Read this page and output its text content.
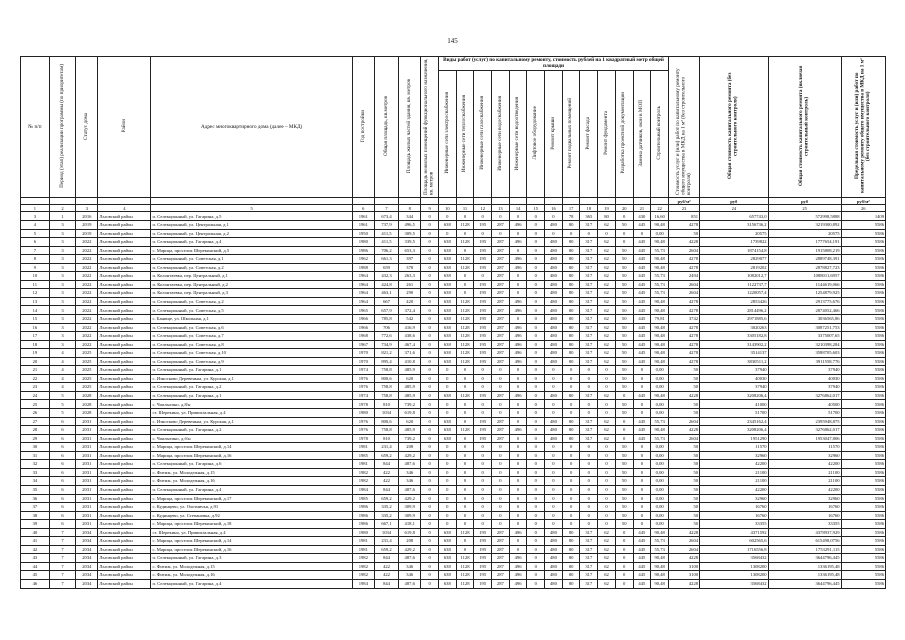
145
№ п/п	Период (этап) реализации программы (по приоритетам)	Статус дома	Район	Адрес многоквартирного дома (далее – МКД)	Год постройки	Общая площадь, кв.метров	Площадь жилых частей здания, кв. метров	Площадь нежилых помещений функционального назначения, кв. метров	Виды работ (услуг) по капитальному ремонту, стоимость рублей на 1 квадратный метр общей площади													Стоимость услуг и (или) работ по капитальному ремонту общего имущества в МКД на 1 м² (без строительного контроля)	Общая стоимость капитального ремонта (без строительного контроля)	Общая стоимость капитального ремонта (включая строительный контроль)	Предельная стоимость услуг и (или) работ по капитальному ремонту общего имущества в МКД на 1 м² (без строительного контроля)
									Инженерные сети электроснабжения	Инженерные сети теплоснабжения	Инженерные сети газоснабжения	Инженерные сети водоснабжения	Инженерные сети водоотведения	Лифтовое оборудование	Ремонт крыши	Ремонт подвальных помещений	Ремонт фасада	Ремонт фундамента	Разработка проектной документации	Замена датчиков, окон в МОП	Строительный контроль				
																						руб/м²	руб	руб	руб/м²
1	2	3	4	5	6	7	8	9	10	11	12	13	14	15	16	17	18	19	20	21	22	23	24	25	26
3	1	2016	Льговский район	п. Селекционный, ул. Гагарина, д.5	1961	673,4	344	0	0	0	0	0	0	0	0	78	365	80	0	430	16,60	851	657743,0	572998,5888	1409
4	3	2019	Льговский район	п. Селекционный, ул. Центральная, д.1	1961	737,9	496,5	0	638	1128	195	287	496	0	480	80	317	62	50	445	90,48	4278	3156736,2	3219300,892	5586
5	3	2019	Льговский район	п. Селекционный, ул. Центральная, д.2	1950	411,5	309,5	0	0	0	0	0	0	0	0	0	0	0	0	0	0,00	50	20575	20575	5586
6	3	2022	Льговский район	п. Селекционный, ул. Гагарина, д.4	1980	411,5	339,5	0	638	1128	195	287	496	0	480	80	317	62	0	445	90,48	4228	1739822	1777654,191	5586
7	3	2022	Льговский район	с. Марица, проселок Шерекинский, д.5	1986	706,2	653,3	0	638	0	195	287	0	0	480	80	317	62	50	445	55,73	2604	1874154,8	1915808,219	5586
8	3	2022	Льговский район	п. Селекционный, ул. Советская, д.1	1962	661,3	397	0	638	1128	195	287	496	0	480	80	317	62	50	445	90,48	4278	2829077	2889748,391	5586
9	3	2022	Льговский район	п. Селекционный, ул. Советская, д.2	1988	659	378	0	638	1128	195	287	496	0	480	80	317	62	50	445	90,48	4278	2819202	2878827,723	5586
10	3	2022	Льговский район	п. Колонтаевка, пер. Центральный, д.1	1964	432,3	263,3	0	638	0	0	287	0	0	480	80	317	62	50	445	55,73	2494	1082012,7	1088011,6957	5586
11	3	2022	Льговский район	п. Колонтаевка, пер. Центральный, д.2	1964	424,8	261	0	638	0	195	287	0	0	480	80	317	62	50	445	55,73	2604	1122737,7	1144619,066	5586
12	3	2022	Льговский район	п. Колонтаевка, пер. Центральный, д.3	1964	463,1	290	0	638	0	195	287	0	0	480	80	317	62	50	445	55,73	2604	1220057,4	1254879,925	5586
13	3	2022	Льговский район	п. Селекционный, ул. Советская, д.2	1964	667	420	0	638	1128	195	287	496	0	480	80	317	62	50	445	90,48	4278	2853426	2913775,676	5586
14	3	2022	Льговский район	п. Селекционный, ул. Советская, д.5	1965	657,9	372,4	0	638	1128	195	287	496	0	480	80	317	62	50	445	90,48	4278	2814496,2	2874052,466	5586
15	3	2022	Льговский район	с. Банище, ул. Школьная, д.1	1966	785,8	542	0	638	1128	195	287	0	0	480	80	317	62	50	445	79,81	3742	2971885,6	3036565,86	5586
16	3	2022	Льговский район	п. Селекционный, ул. Советская, д.6	1966	706	416,9	0	638	1128	195	287	496	0	480	80	317	62	50	445	90,48	4278	3020263	3087251,753	5586
17	3	2022	Льговский район	п. Селекционный, ул. Советская, д.7	1968	772,6	438,6	0	638	1128	195	287	496	0	480	80	317	62	50	445	90,48	4278	3305182,8	3375007,65	5586
18	3	2022	Льговский район	п. Селекционный, ул. Советская, д.8	1967	734,9	467,4	0	638	1128	195	287	496	0	480	80	317	62	50	445	90,48	4278	3143902,2	3210398,284	5586
19	4	2025	Льговский район	п. Селекционный, ул. Советская, д.10	1970	821,2	371,6	0	638	1128	195	287	496	0	480	80	317	62	50	445	90,48	4278	3514137	3588705,603	5586
20	4	2025	Льговский район	п. Селекционный, ул. Советская, д.9	1970	895,4	410,8	0	638	1128	195	287	496	0	480	80	317	62	50	445	90,48	4278	3830511,2	3911558,776	5586
21	4	2025	Льговский район	п. Селекционный, ул. Гагарина, д.1	1974	758,8	485,9	0	0	0	0	0	0	0	0	0	0	0	50	0	0,00	50	37940	37940	5586
22	4	2025	Льговский район	с. Износково Деревенька, ул. Курская, д.1	1976	800,6	620	0	0	0	0	0	0	0	0	0	0	0	50	0	0,00	50	40030	40030	5586
23	4	2025	Льговский район	п. Селекционный, ул. Гагарина, д.2	1976	758,8	485,9	0	0	0	0	0	0	0	0	0	0	0	50	0	0,00	50	37940	37940	5586
24	5	2028	Льговский район	п. Селекционный, ул. Гагарина, д.1	1974	758,8	485,9	0	638	1128	195	287	496	0	480	80	317	62	0	445	90,48	4228	3208206,4	3276862,017	5586
25	5	2028	Льговский район	с. Чаплыгино, д.8/н	1978	810	739,2	0	0	0	0	0	0	0	0	0	0	0	50	0	0,00	50	41000	40500	5586
26	5	2028	Льговский район	ст. Шерекино, ул. Привокзальная, д.4	1980	1034	619,8	0	0	0	0	0	0	0	0	0	0	0	50	0	0,00	50	51700	51700	5586
27	6	2031	Льговский район	с. Износково Деревенька, ул. Курская, д.1	1976	800,6	620	0	638	0	195	287	0	0	480	80	317	62	0	445	55,73	2604	2345162,4	2395948,875	5586
28	6	2031	Льговский район	п. Селекционный, ул. Гагарина, д.2	1976	758,8	485,9	0	638	1128	195	287	496	0	480	80	317	62	0	445	90,48	4228	3208206,4	3276862,017	5586
29	6	2031	Льговский район	с. Чаплыгино, д.б/н	1978	810	739,2	0	638	0	195	287	0	0	480	80	317	62	0	445	55,73	2604	1951290	1953047,806	5586
30	6	2031	Льговский район	с. Марица, проселок Шерекинский, д.14	1981	231,4	208	0	0	0	0	0	0	0	0	0	0	0	50	0	0,00	50	11570	11570	5586
31	6	2031	Льговский район	с. Марица, проселок Шерекинский, д.16	1985	659,2	429,2	0	0	0	0	0	0	0	0	0	0	0	50	0	0,00	50	32960	32960	5586
32	6	2031	Льговский район	п. Селекционный, ул. Гагарина, д.6	1981	844	487,6	0	0	0	0	0	0	0	0	0	0	0	50	0	0,00	50	42200	42200	5586
33	6	2031	Льговский район	с. Фитиж, ул. Молодежная, д.15	1982	422	346	0	0	0	0	0	0	0	0	0	0	0	50	0	0,00	50	21100	21100	5586
34	6	2031	Льговский район	с. Фитиж, ул. Молодежная, д.16	1982	422	346	0	0	0	0	0	0	0	0	0	0	0	50	0	0,00	50	21100	21100	5586
35	6	2031	Льговский район	п. Селекционный, ул. Гагарина, д.4	1984	844	487,6	0	0	0	0	0	0	0	0	0	0	0	50	0	0,00	50	42200	42200	5586
36	6	2031	Льговский район	с. Марица, проселок Шерекинский, д.17	1985	659,2	429,2	0	0	0	0	0	0	0	0	0	0	0	50	0	0,00	50	32960	32960	5586
37	6	2031	Льговский район	с. Кудинцево, ул. Охотничья, д.91	1986	335,2	309,9	0	0	0	0	0	0	0	0	0	0	0	50	0	0,00	50	16760	16760	5586
38	6	2031	Льговский район	с. Кудинцево, ул. Степановка, д.92	1986	335,2	309,9	0	0	0	0	0	0	0	0	0	0	0	50	0	0,00	50	16760	16760	5586
39	6	2031	Льговский район	с. Марица, проселок Шерекинский, д.18	1986	667,1	418,1	0	0	0	0	0	0	0	0	0	0	0	50	0	0,00	50	33355	33355	5586
40	7	2034	Льговский район	ст. Шерекино, ул. Привокзальная, д.4	1980	1034	619,8	0	638	1128	195	287	496	0	480	80	317	62	0	445	90,48	4228	4371592	4378937,929	5586
41	7	2034	Льговский район	с. Марица, проселок Шерекинский, д.14	1981	231,4	208	0	638	0	195	287	0	0	480	80	317	62	0	445	55,73	2604	602565,6	615498,0756	5586
42	7	2034	Льговский район	с. Марица, проселок Шерекинский, д.16	1981	659,2	429,2	0	638	0	195	287	0	0	480	80	317	62	0	445	55,73	2604	1716556,8	1753291,115	5586
43	7	2034	Льговский район	п. Селекционный, ул. Гагарина, д.3	1982	844	487,6	0	638	1128	195	287	496	0	480	80	317	62	0	445	90,48	4228	3568432	3644796,445	5586
44	7	2034	Льговский район	с. Фитиж, ул. Молодежная, д.15	1982	422	346	0	638	1128	195	287	496	0	480	80	317	62	0	445	90,48	3100	1308200	1336195,48	5586
45	7	2034	Льговский район	с. Фитиж, ул. Молодежная, д.16	1982	422	346	0	638	1128	195	287	496	0	480	80	317	62	0	445	90,48	3100	1308200	1336195,48	5586
46	7	2034	Льговский район	п. Селекционный, ул. Гагарина, д.4	1984	844	487,6	0	638	1128	195	287	496	0	480	80	317	62	0	445	90,48	4228	3568432	3644796,445	5586
